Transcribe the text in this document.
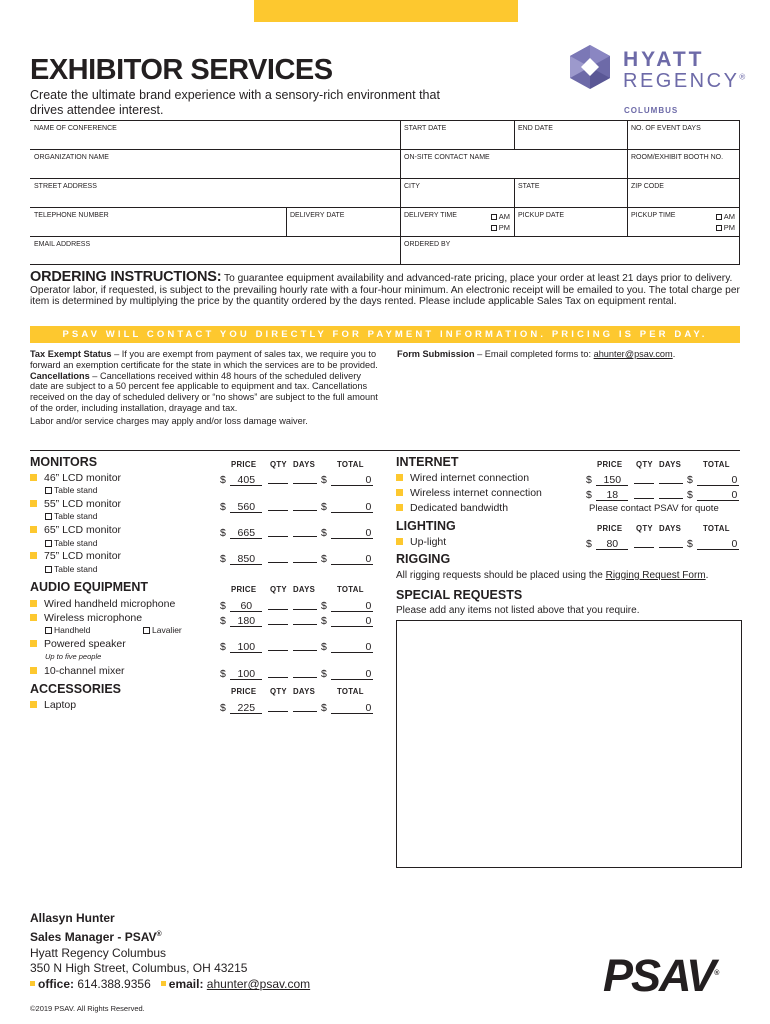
EXHIBITOR SERVICES
Create the ultimate brand experience with a sensory-rich environment that drives attendee interest.
HYATT
REGENCY®
COLUMBUS
NAME OF CONFERENCE	START DATE	END DATE	NO. OF EVENT DAYS
ORGANIZATION NAME	ON-SITE CONTACT NAME	ROOM/EXHIBIT BOOTH NO.
STREET ADDRESS	CITY	STATE	ZIP CODE
TELEPHONE NUMBER	DELIVERY DATE	DELIVERY TIME	AM
PM
PICKUP DATE	PICKUP TIME	AM
PM
EMAIL ADDRESS	ORDERED BY
ORDERING INSTRUCTIONS: To guarantee equipment availability and advanced-rate pricing, place your order at least 21 days prior to delivery. Operator labor, if requested, is subject to the prevailing hourly rate with a four-hour minimum. An electronic receipt will be emailed to you. The total charge per item is determined by multiplying the price by the quantity ordered by the days rented. Please include applicable Sales Tax on equipment rental.
PSAV WILL CONTACT YOU DIRECTLY FOR PAYMENT INFORMATION. PRICING IS PER DAY.

Tax Exempt Status – If you are exempt from payment of sales tax, we require you to forward an exemption certificate for the state in which the services are to be provided.

Cancellations – Cancellations received within 48 hours of the scheduled delivery date are subject to a 50 percent fee applicable to equipment and tax. Cancellations received on the day of scheduled delivery or “no shows” are subject to the full amount of the order, including installation, drayage and tax.

Labor and/or service charges may apply and/or loss damage waiver.

Form Submission – Email completed forms to: ahunter@psav.com.
MONITORS	PRICE QTY DAYS	TOTAL
46” LCD monitor	$ 405	$	0
Table stand
55” LCD monitor	$ 560	$	0
Table stand
65” LCD monitor	$ 665	$	0
Table stand
75” LCD monitor	$ 850	$	0
Table stand
AUDIO EQUIPMENT	PRICE QTY DAYS	TOTAL
Wired handheld microphone	$ 60	$	0
Wireless microphone	$ 180	$	0
Handheld	Lavalier
Powered speaker	$ 100	$	0
Up to five people
10-channel mixer	$ 100	$	0
ACCESSORIES	PRICE QTY DAYS	TOTAL
Laptop	$ 225	$	0
INTERNET	PRICE QTY DAYS	TOTAL
Wired internet connection	$ 150	$	0
Wireless internet connection	$ 18	$	0
Dedicated bandwidth	Please contact PSAV for quote
LIGHTING	PRICE QTY DAYS	TOTAL
Up-light	$ 80	$	0
RIGGING
All rigging requests should be placed using the Rigging Request Form.
SPECIAL REQUESTS
Please add any items not listed above that you require.
Allasyn Hunter
Sales Manager - PSAV®
Hyatt Regency Columbus
350 N High Street, Columbus, OH 43215
office: 614.388.9356 email: ahunter@psav.com
©2019 PSAV. All Rights Reserved.
PSAV®
